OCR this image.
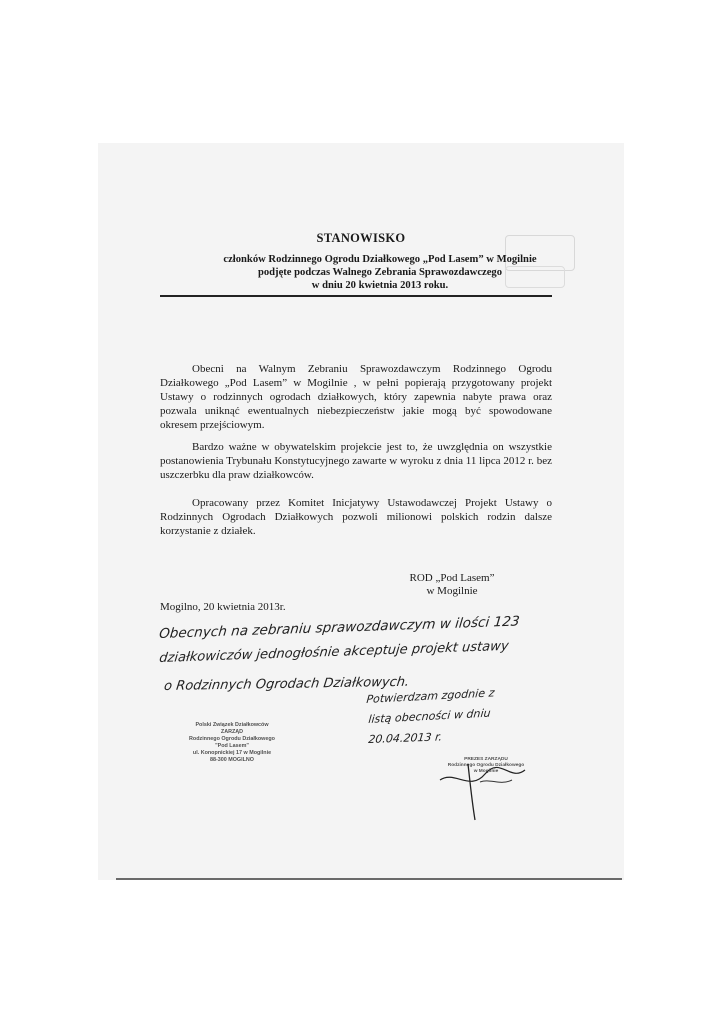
STANOWISKO
członków Rodzinnego Ogrodu Działkowego „Pod Lasem” w Mogilnie
podjęte podczas Walnego Zebrania Sprawozdawczego
w dniu 20 kwietnia 2013 roku.

Obecni na Walnym Zebraniu Sprawozdawczym Rodzinnego Ogrodu Działkowego „Pod Lasem” w Mogilnie , w pełni popierają przygotowany projekt Ustawy o rodzinnych ogrodach działkowych, który zapewnia nabyte prawa oraz pozwala uniknąć ewentualnych niebezpieczeństw jakie mogą być spowodowane okresem przejściowym.

Bardzo ważne w obywatelskim projekcie jest to, że uwzględnia on wszystkie postanowienia Trybunału Konstytucyjnego zawarte w wyroku z dnia 11 lipca 2012 r. bez uszczerbku dla praw działkowców.

Opracowany przez Komitet Inicjatywy Ustawodawczej Projekt Ustawy o Rodzinnych Ogrodach Działkowych pozwoli milionowi polskich rodzin dalsze korzystanie z działek.

ROD „Pod Lasem”
w Mogilnie
Mogilno, 20 kwietnia 2013r.
Obecnych na zebraniu sprawozdawczym w ilości 123
działkowiczów jednogłośnie akceptuje projekt ustawy
o Rodzinnych Ogrodach Działkowych.
Potwierdzam zgodnie z
listą obecności w dniu
20.04.2013 r.
Polski Związek Działkowców
ZARZĄD
Rodzinnego Ogrodu Działkowego
"Pod Lasem"
ul. Konopnickiej 17 w Mogilnie
88-300 MOGILNO	PREZES ZARZĄDU
Rodzinnego Ogrodu Działkowego
w Mogilnie
